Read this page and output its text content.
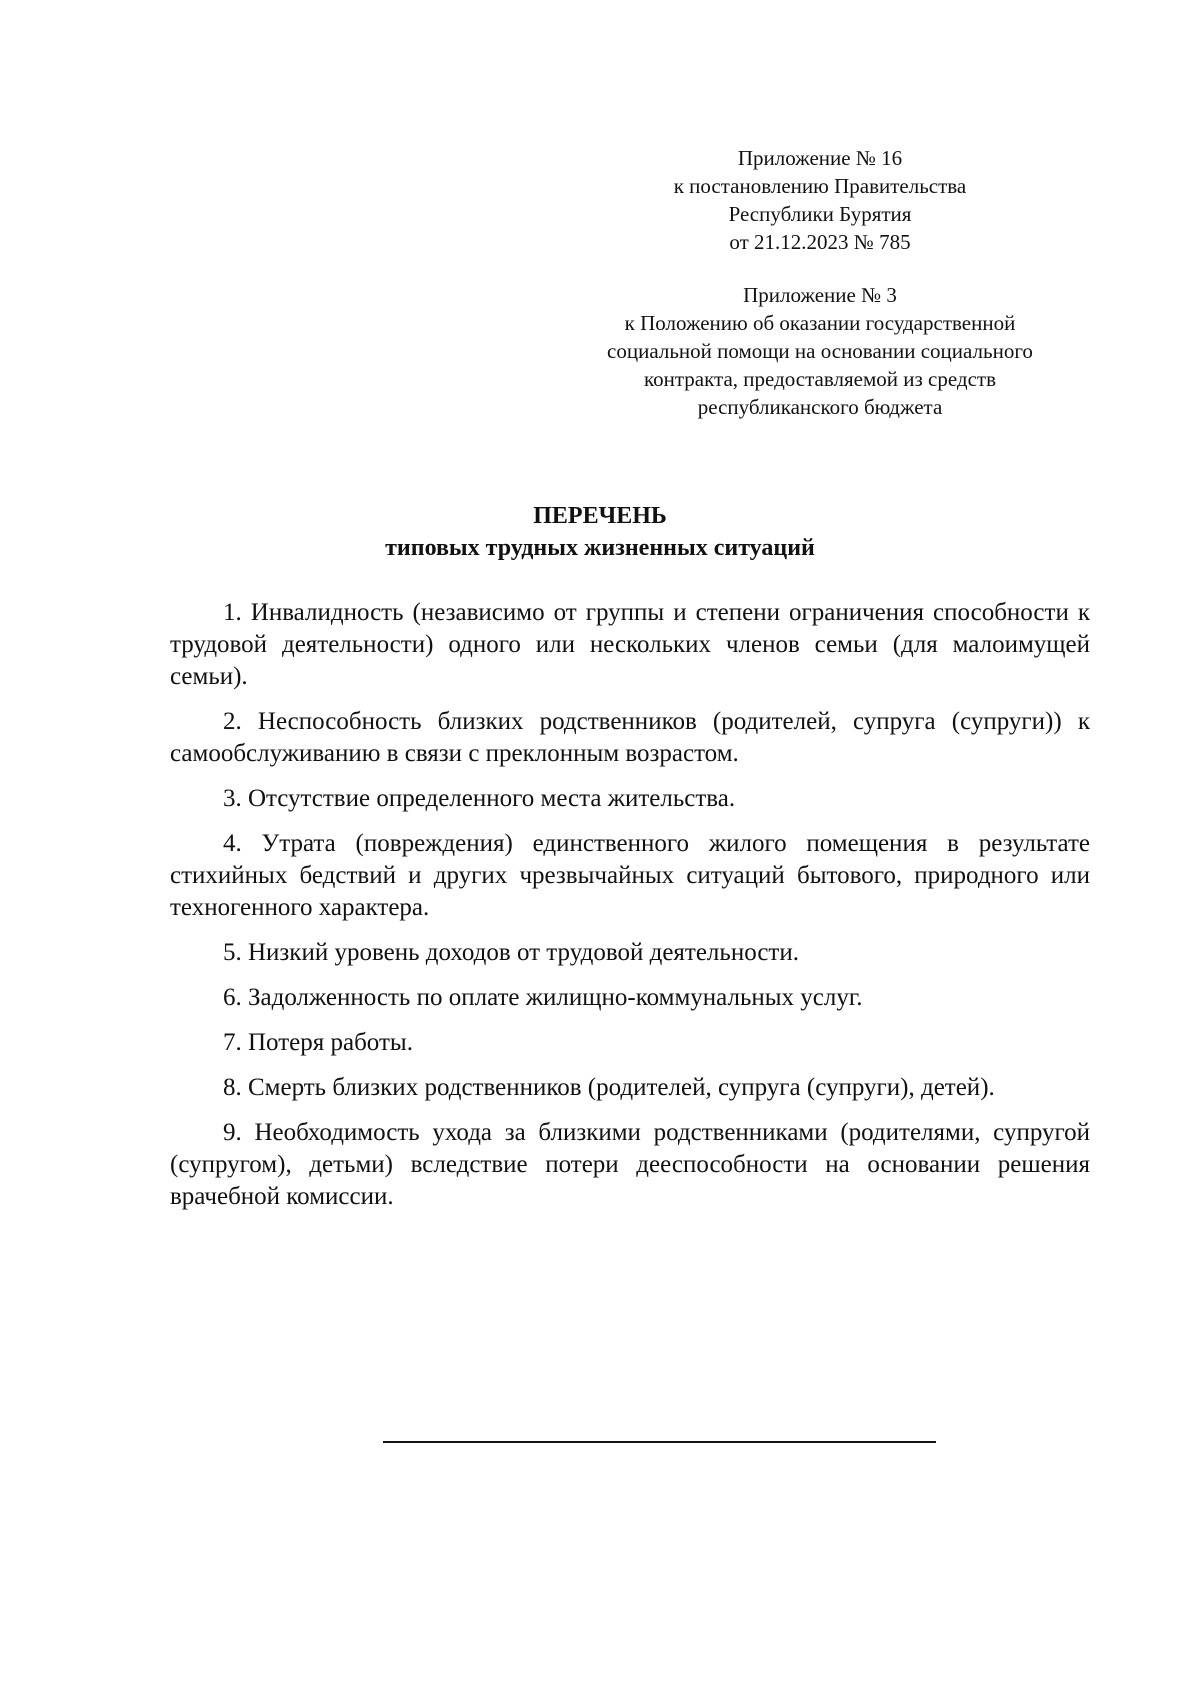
Приложение № 16
к постановлению Правительства
Республики Бурятия
от 21.12.2023 № 785
Приложение № 3
к Положению об оказании государственной
социальной помощи на основании социального
контракта, предоставляемой из средств
республиканского бюджета
ПЕРЕЧЕНЬ
типовых трудных жизненных ситуаций

1. Инвалидность (независимо от группы и степени ограничения способности к трудовой деятельности) одного или нескольких членов семьи (для малоимущей семьи).

2. Неспособность близких родственников (родителей, супруга (супруги)) к самообслуживанию в связи с преклонным возрастом.

3. Отсутствие определенного места жительства.

4. Утрата (повреждения) единственного жилого помещения в результате стихийных бедствий и других чрезвычайных ситуаций бытового, природного или техногенного характера.

5. Низкий уровень доходов от трудовой деятельности.

6. Задолженность по оплате жилищно-коммунальных услуг.

7. Потеря работы.

8. Смерть близких родственников (родителей, супруга (супруги), детей).

9. Необходимость ухода за близкими родственниками (родителями, супругой (супругом), детьми) вследствие потери дееспособности на основании решения врачебной комиссии.
